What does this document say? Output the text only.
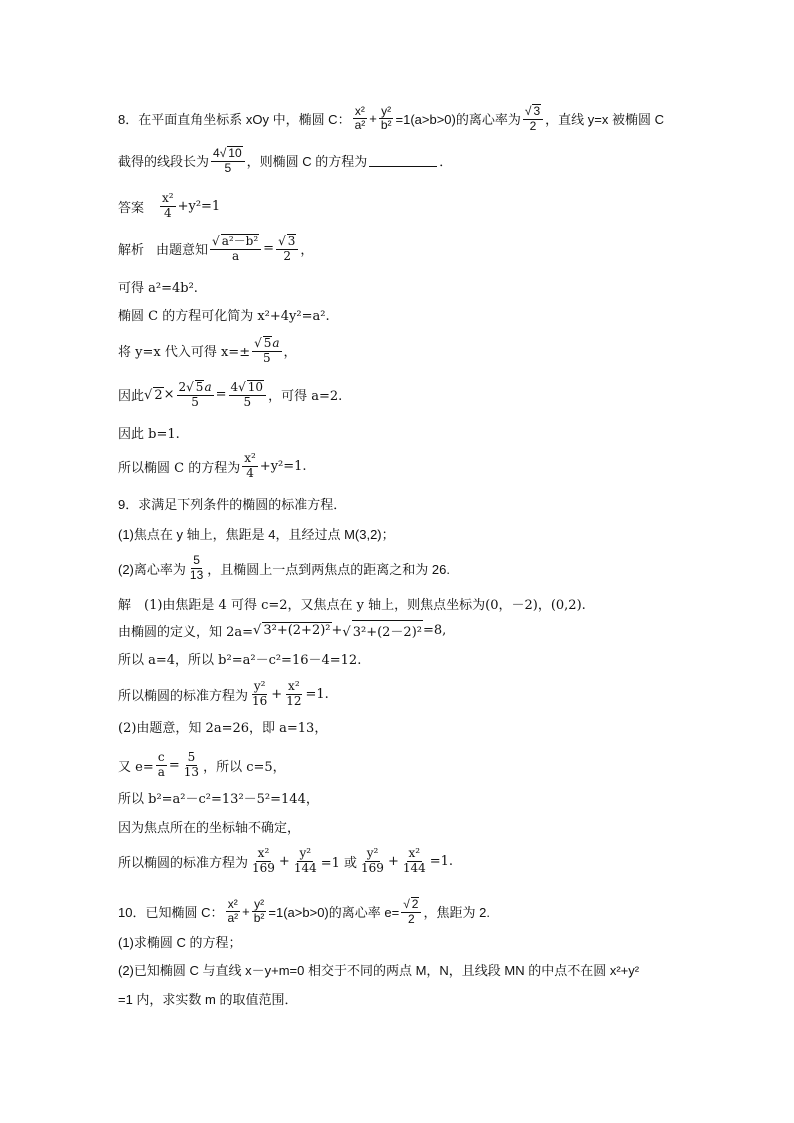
8．在平面直角坐标系 xOy 中，椭圆 C： $\frac{\text{x²}}{\text{a²}} + \frac{\text{y²}}{\text{b²}} =1(a>b>0)$的离心率为 $\frac{√ 3}{2}$ ，直线 y=x 被椭圆 C
截得的线段长为 $\frac{4√ 10}{5}$ ，则椭圆 C 的方程为	．
答案 $\frac{\text{x²}}{4} +y^2=1$
解析 由题意知 $\frac{\text{√ a²－b²}}{a} = \frac{√ 3}{2}$ ，
可得 a²=4b².
椭圆 C 的方程可化简为 x²+4y²=a².
将 y=x 代入可得 $x=\pm \frac{√ 5a}{5}$ ，
因此 √ $2 \times \frac{2√ 5a}{5} = \frac{4√ 10}{5}$ ，可得 a=2.
因此 b=1.
所以椭圆 C 的方程为 $\frac{\text{x²}}{4} +y^2=1$.
9．求满足下列条件的椭圆的标准方程．
(1)焦点在 y 轴上，焦距是 4，且经过点 M(3,2)；
(2)离心率为 $\frac{5}{13}$ ，且椭圆上一点到两焦点的距离之和为 26.
解　(1)由焦距是 4 可得 c=2，又焦点在 y 轴上，则焦点坐标为(0，－2)，(0,2).
由椭圆的定义，知 2a= √ 3²+(2+2)² + √ 3²+(2－2)² =8,
所以 a=4，所以 b²=a²－c²=16－4=12.
所以椭圆的标准方程为 $\frac{\text{y²}}{16} + \frac{\text{x²}}{12} =1$.
(2)由题意，知 2a=26，即 a=13，
又 $e= \frac{c}{a} = \frac{5}{13}$ ，所以 c=5，
所以 b²=a²－c²=13²－5²=144，
因为焦点所在的坐标轴不确定，
所以椭圆的标准方程为 $\frac{\text{x²}}{169} + \frac{\text{y²}}{144} =1$ 或 $\frac{\text{y²}}{169} + \frac{\text{x²}}{144} =1$.
10．已知椭圆 C： $\frac{\text{x²}}{\text{a²}} + \frac{\text{y²}}{\text{b²}} =1(a>b>0)$的离心率 $e= \frac{√ 2}{2}$ ，焦距为 2.
(1)求椭圆 C 的方程；
(2)已知椭圆 C 与直线 x－y+m=0 相交于不同的两点 M，N，且线段 MN 的中点不在圆 x²+y²
=1 内，求实数 m 的取值范围．
